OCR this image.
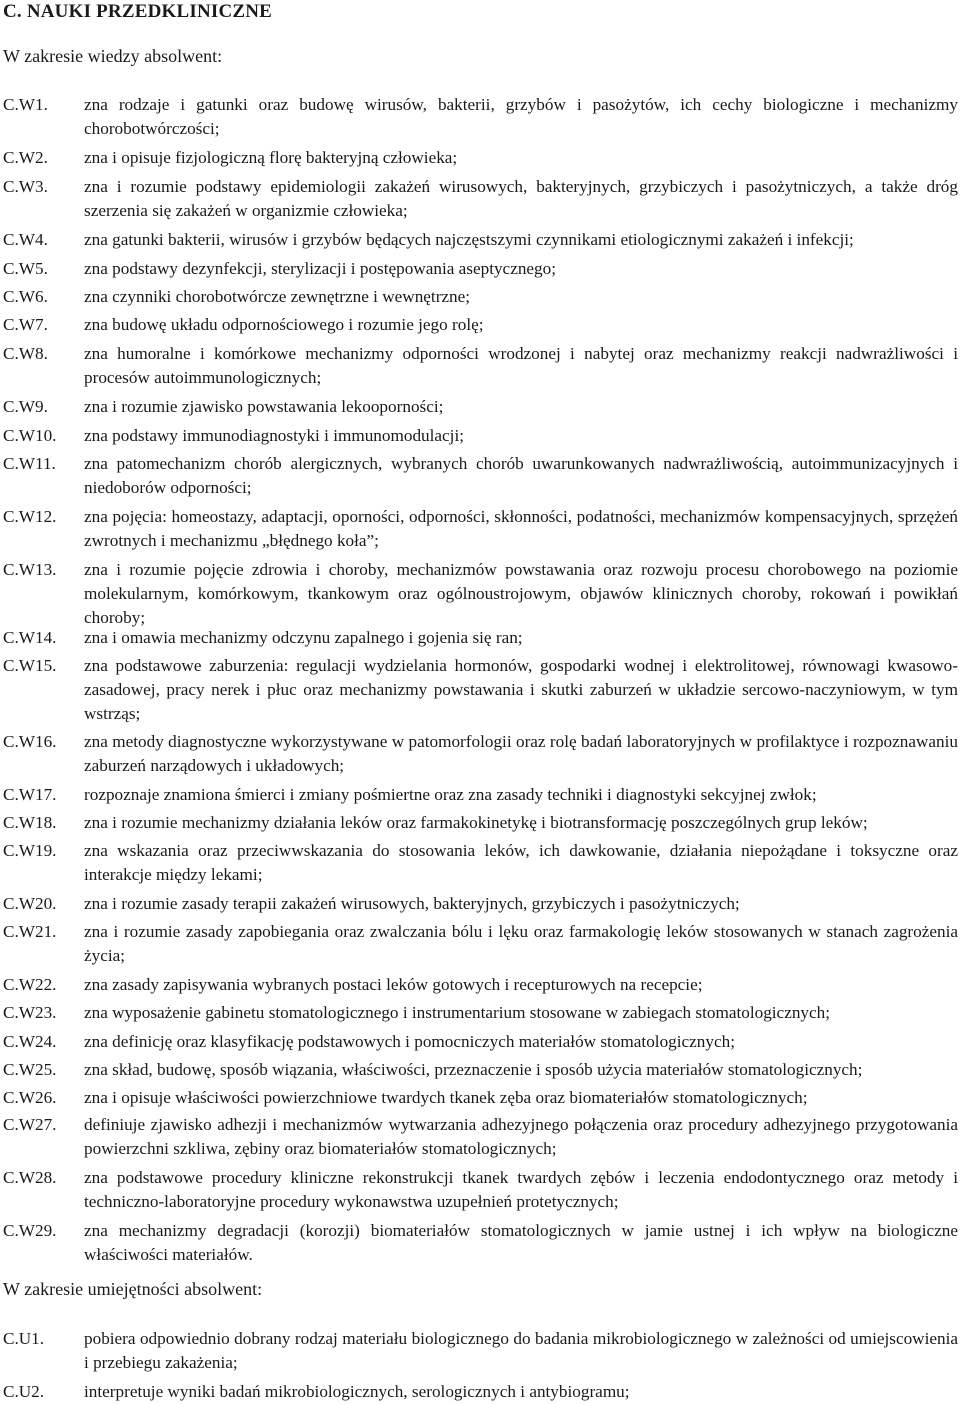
C. NAUKI PRZEDKLINICZNE
W zakresie wiedzy absolwent:
C.W1. zna rodzaje i gatunki oraz budowę wirusów, bakterii, grzybów i pasożytów, ich cechy biologiczne i mechanizmy chorobotwórczości;
C.W2. zna i opisuje fizjologiczną florę bakteryjną człowieka;
C.W3. zna i rozumie podstawy epidemiologii zakażeń wirusowych, bakteryjnych, grzybiczych i pasożytniczych, a także dróg szerzenia się zakażeń w organizmie człowieka;
C.W4. zna gatunki bakterii, wirusów i grzybów będących najczęstszymi czynnikami etiologicznymi zakażeń i infekcji;
C.W5. zna podstawy dezynfekcji, sterylizacji i postępowania aseptycznego;
C.W6. zna czynniki chorobotwórcze zewnętrzne i wewnętrzne;
C.W7. zna budowę układu odpornościowego i rozumie jego rolę;
C.W8. zna humoralne i komórkowe mechanizmy odporności wrodzonej i nabytej oraz mechanizmy reakcji nadwrażliwości i procesów autoimmunologicznych;
C.W9. zna i rozumie zjawisko powstawania lekooporności;
C.W10. zna podstawy immunodiagnostyki i immunomodulacji;
C.W11. zna patomechanizm chorób alergicznych, wybranych chorób uwarunkowanych nadwrażliwością, autoimmunizacyjnych i niedoborów odporności;
C.W12. zna pojęcia: homeostazy, adaptacji, oporności, odporności, skłonności, podatności, mechanizmów kompensacyjnych, sprzężeń zwrotnych i mechanizmu „błędnego koła”;
C.W13. zna i rozumie pojęcie zdrowia i choroby, mechanizmów powstawania oraz rozwoju procesu chorobowego na poziomie molekularnym, komórkowym, tkankowym oraz ogólnoustrojowym, objawów klinicznych choroby, rokowań i powikłań choroby;
C.W14. zna i omawia mechanizmy odczynu zapalnego i gojenia się ran;
C.W15. zna podstawowe zaburzenia: regulacji wydzielania hormonów, gospodarki wodnej i elektrolitowej, równowagi kwasowo-zasadowej, pracy nerek i płuc oraz mechanizmy powstawania i skutki zaburzeń w układzie sercowo-naczyniowym, w tym wstrząs;
C.W16. zna metody diagnostyczne wykorzystywane w patomorfologii oraz rolę badań laboratoryjnych w profilaktyce i rozpoznawaniu zaburzeń narządowych i układowych;
C.W17. rozpoznaje znamiona śmierci i zmiany pośmiertne oraz zna zasady techniki i diagnostyki sekcyjnej zwłok;
C.W18. zna i rozumie mechanizmy działania leków oraz farmakokinetykę i biotransformację poszczególnych grup leków;
C.W19. zna wskazania oraz przeciwwskazania do stosowania leków, ich dawkowanie, działania niepożądane i toksyczne oraz interakcje między lekami;
C.W20. zna i rozumie zasady terapii zakażeń wirusowych, bakteryjnych, grzybiczych i pasożytniczych;
C.W21. zna i rozumie zasady zapobiegania oraz zwalczania bólu i lęku oraz farmakologię leków stosowanych w stanach zagrożenia życia;
C.W22. zna zasady zapisywania wybranych postaci leków gotowych i recepturowych na recepcie;
C.W23. zna wyposażenie gabinetu stomatologicznego i instrumentarium stosowane w zabiegach stomatologicznych;
C.W24. zna definicję oraz klasyfikację podstawowych i pomocniczych materiałów stomatologicznych;
C.W25. zna skład, budowę, sposób wiązania, właściwości, przeznaczenie i sposób użycia materiałów stomatologicznych;
C.W26. zna i opisuje właściwości powierzchniowe twardych tkanek zęba oraz biomateriałów stomatologicznych;
C.W27. definiuje zjawisko adhezji i mechanizmów wytwarzania adhezyjnego połączenia oraz procedury adhezyjnego przygotowania powierzchni szkliwa, zębiny oraz biomateriałów stomatologicznych;
C.W28. zna podstawowe procedury kliniczne rekonstrukcji tkanek twardych zębów i leczenia endodontycznego oraz metody i techniczno-laboratoryjne procedury wykonawstwa uzupełnień protetycznych;
C.W29. zna mechanizmy degradacji (korozji) biomateriałów stomatologicznych w jamie ustnej i ich wpływ na biologiczne właściwości materiałów.
W zakresie umiejętności absolwent:
C.U1. pobiera odpowiednio dobrany rodzaj materiału biologicznego do badania mikrobiologicznego w zależności od umiejscowienia i przebiegu zakażenia;
C.U2. interpretuje wyniki badań mikrobiologicznych, serologicznych i antybiogramu;
